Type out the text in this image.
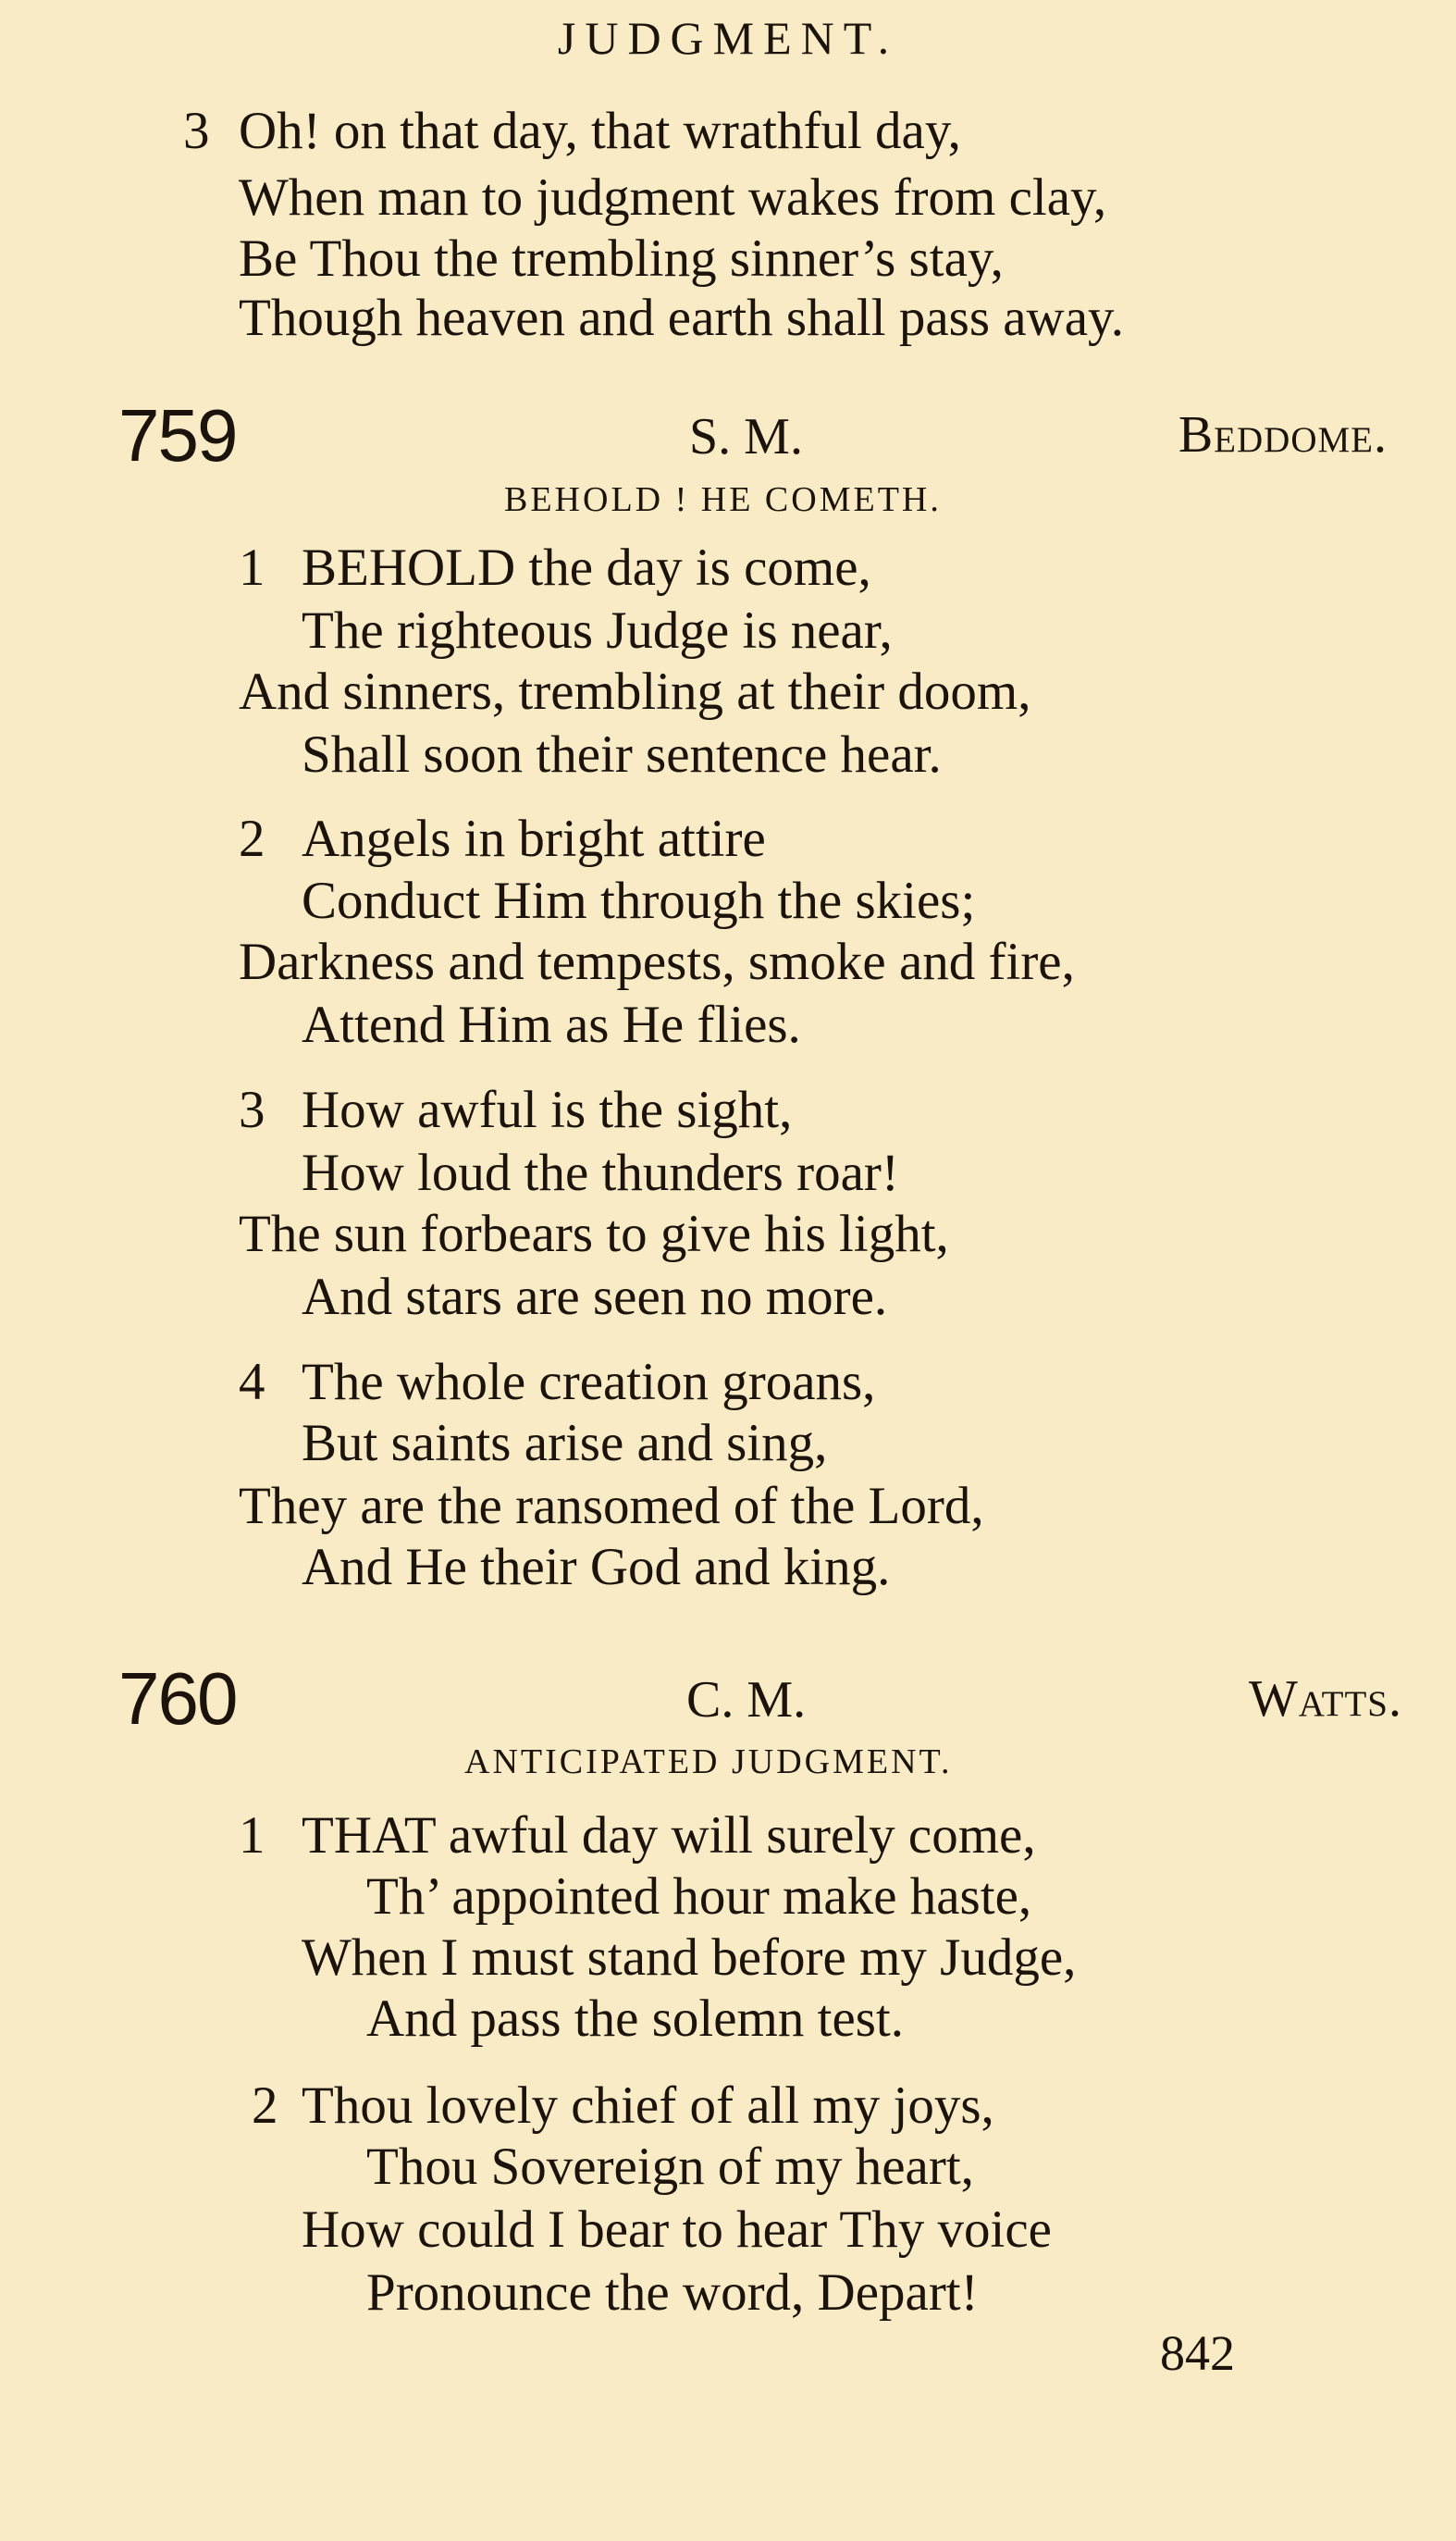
JUDGMENT.
3 Oh! on that day, that wrathful day,
When man to judgment wakes from clay,
Be Thou the trembling sinner’s stay,
Though heaven and earth shall pass away.
759	S. M.	Beddome.
BEHOLD ! HE COMETH.
1 BEHOLD the day is come,
The righteous Judge is near,
And sinners, trembling at their doom,
Shall soon their sentence hear.
2 Angels in bright attire
Conduct Him through the skies;
Darkness and tempests, smoke and fire,
Attend Him as He flies.
3 How awful is the sight,
How loud the thunders roar!
The sun forbears to give his light,
And stars are seen no more.
4 The whole creation groans,
But saints arise and sing,
They are the ransomed of the Lord,
And He their God and king.
760	C. M.	Watts.
ANTICIPATED JUDGMENT.
1 THAT awful day will surely come,
Th’ appointed hour make haste,
When I must stand before my Judge,
And pass the solemn test.
2 Thou lovely chief of all my joys,
Thou Sovereign of my heart,
How could I bear to hear Thy voice
Pronounce the word, Depart!
842
